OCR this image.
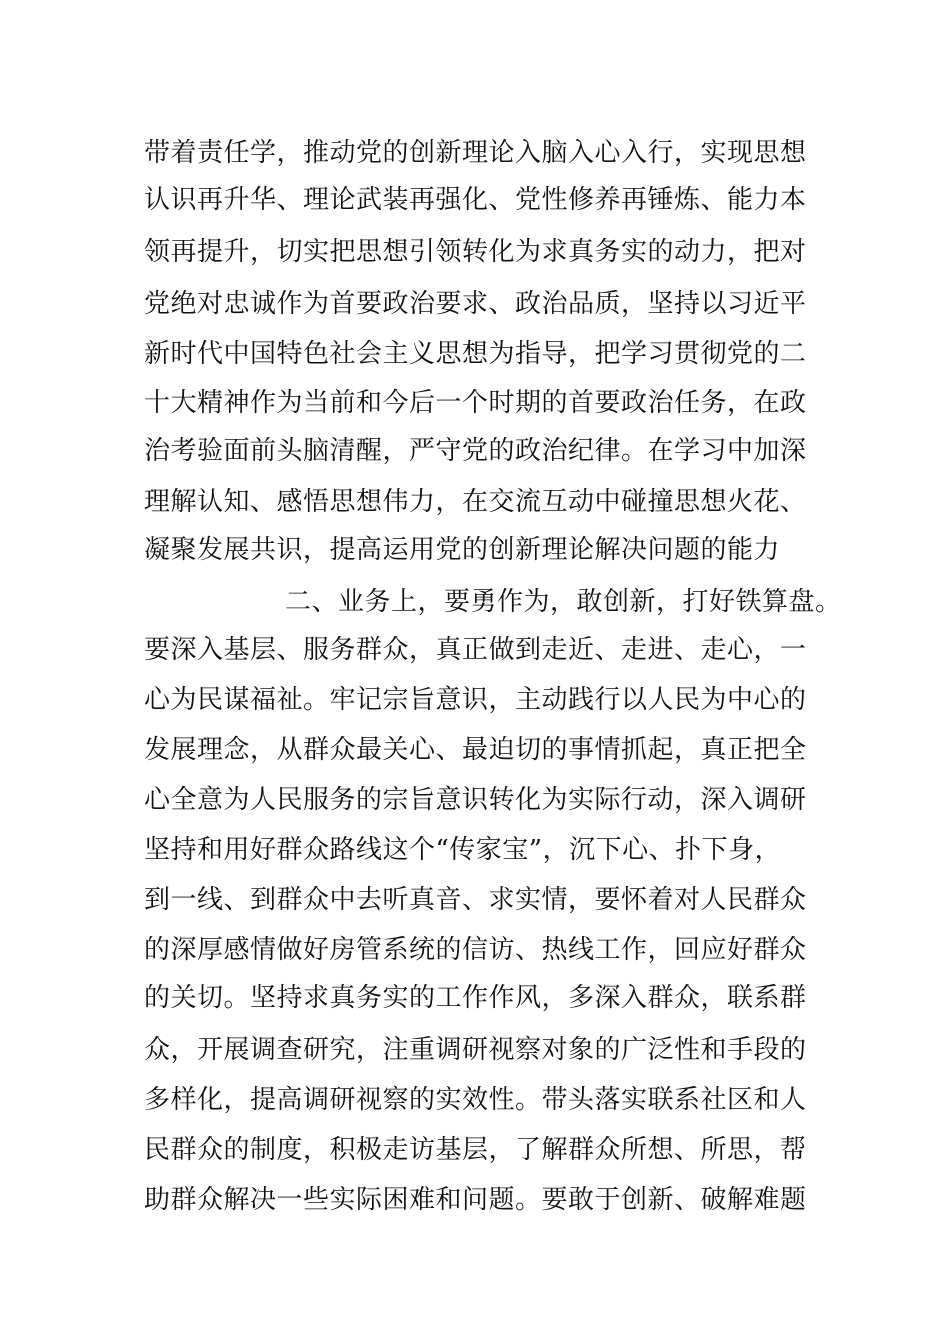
带着责任学，推动党的创新理论入脑入心入行，实现思想
认识再升华、理论武装再强化、党性修养再锤炼、能力本
领再提升，切实把思想引领转化为求真务实的动力，把对
党绝对忠诚作为首要政治要求、政治品质，坚持以习近平
新时代中国特色社会主义思想为指导，把学习贯彻党的二
十大精神作为当前和今后一个时期的首要政治任务，在政
治考验面前头脑清醒，严守党的政治纪律。在学习中加深
理解认知、感悟思想伟力，在交流互动中碰撞思想火花、
凝聚发展共识，提高运用党的创新理论解决问题的能力
二、业务上，要勇作为，敢创新，打好铁算盘。
要深入基层、服务群众，真正做到走近、走进、走心，一
心为民谋福祉。牢记宗旨意识，主动践行以人民为中心的
发展理念，从群众最关心、最迫切的事情抓起，真正把全
心全意为人民服务的宗旨意识转化为实际行动，深入调研
坚持和用好群众路线这个“传家宝”，沉下心、扑下身，
到一线、到群众中去听真音、求实情，要怀着对人民群众
的深厚感情做好房管系统的信访、热线工作，回应好群众
的关切。坚持求真务实的工作作风，多深入群众，联系群
众，开展调查研究，注重调研视察对象的广泛性和手段的
多样化，提高调研视察的实效性。带头落实联系社区和人
民群众的制度，积极走访基层，了解群众所想、所思，帮
助群众解决一些实际困难和问题。要敢于创新、破解难题
